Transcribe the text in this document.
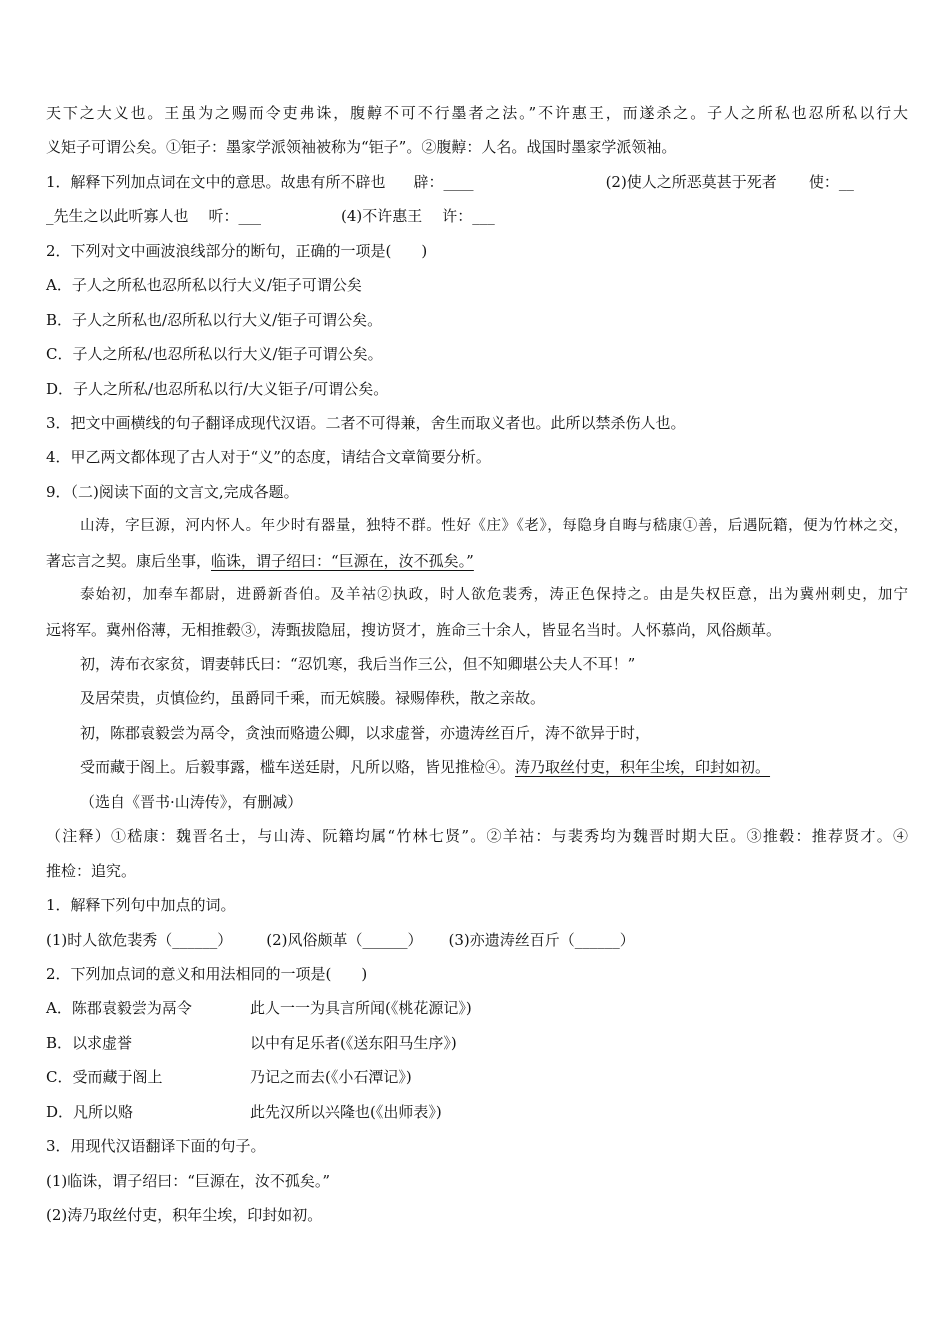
天下之大义也。王虽为之赐而令吏弗诛，腹䵍不可不行墨者之法。”不许惠王，而遂杀之。子人之所私也忍所私以行大
义矩子可谓公矣。①钜子：墨家学派领袖被称为“钜子”。②腹䵍：人名。战国时墨家学派领袖。
1．解释下列加点词在文中的意思。故患有所不辟也 辟：____	(2)使人之所恶莫甚于死者 使：__
_先生之以此听寡人也 听：___	(4)不许惠王 许：___
2．下列对文中画波浪线部分的断句，正确的一项是(　　)
A．子人之所私也忍所私以行大义/钜子可谓公矣
B．子人之所私也/忍所私以行大义/钜子可谓公矣。
C．子人之所私/也忍所私以行大义/钜子可谓公矣。
D．子人之所私/也忍所私以行/大义钜子/可谓公矣。
3．把文中画横线的句子翻译成现代汉语。二者不可得兼，舍生而取义者也。此所以禁杀伤人也。
4．甲乙两文都体现了古人对于“义”的态度，请结合文章简要分析。
9．（二)阅读下面的文言文,完成各题。
山涛，字巨源，河内怀人。年少时有器量，独特不群。性好《庄》《老》，每隐身自晦与嵇康①善，后遇阮籍，便为竹林之交，
著忘言之契。康后坐事，临诛，谓子绍曰：“巨源在，汝不孤矣。”
泰始初，加奉车都尉，进爵新沓伯。及羊祜②执政，时人欲危裴秀，涛正色保持之。由是失权臣意，出为冀州刺史，加宁
远将军。冀州俗薄，无相推毂③，涛甄拔隐屈，搜访贤才，旌命三十余人，皆显名当时。人怀慕尚，风俗颇革。
初，涛布衣家贫，谓妻韩氏曰：“忍饥寒，我后当作三公，但不知卿堪公夫人不耳！”
及居荣贵，贞慎俭约，虽爵同千乘，而无嫔媵。禄赐俸秩，散之亲故。
初，陈郡袁毅尝为鬲令，贪浊而赂遗公卿，以求虚誉，亦遗涛丝百斤，涛不欲异于时，
受而藏于阁上。后毅事露，槛车送廷尉，凡所以赂，皆见推检④。涛乃取丝付吏，积年尘埃，印封如初。
（选自《晋书·山涛传》，有删减）
（注释）①嵇康：魏晋名士，与山涛、阮籍均属“竹林七贤”。②羊祜：与裴秀均为魏晋时期大臣。③推毂：推荐贤才。④
推检：追究。
1．解释下列句中加点的词。
(1)时人欲危裴秀（______） (2)风俗颇革（______） (3)亦遗涛丝百斤（______）
2．下列加点词的意义和用法相同的一项是(　　)
A．陈郡袁毅尝为鬲令	此人一一为具言所闻(《桃花源记》)
B．以求虚誉	以中有足乐者(《送东阳马生序》)
C．受而藏于阁上	乃记之而去(《小石潭记》)
D．凡所以赂	此先汉所以兴隆也(《出师表》)
3．用现代汉语翻译下面的句子。
(1)临诛，谓子绍曰：“巨源在，汝不孤矣。”
(2)涛乃取丝付吏，积年尘埃，印封如初。
